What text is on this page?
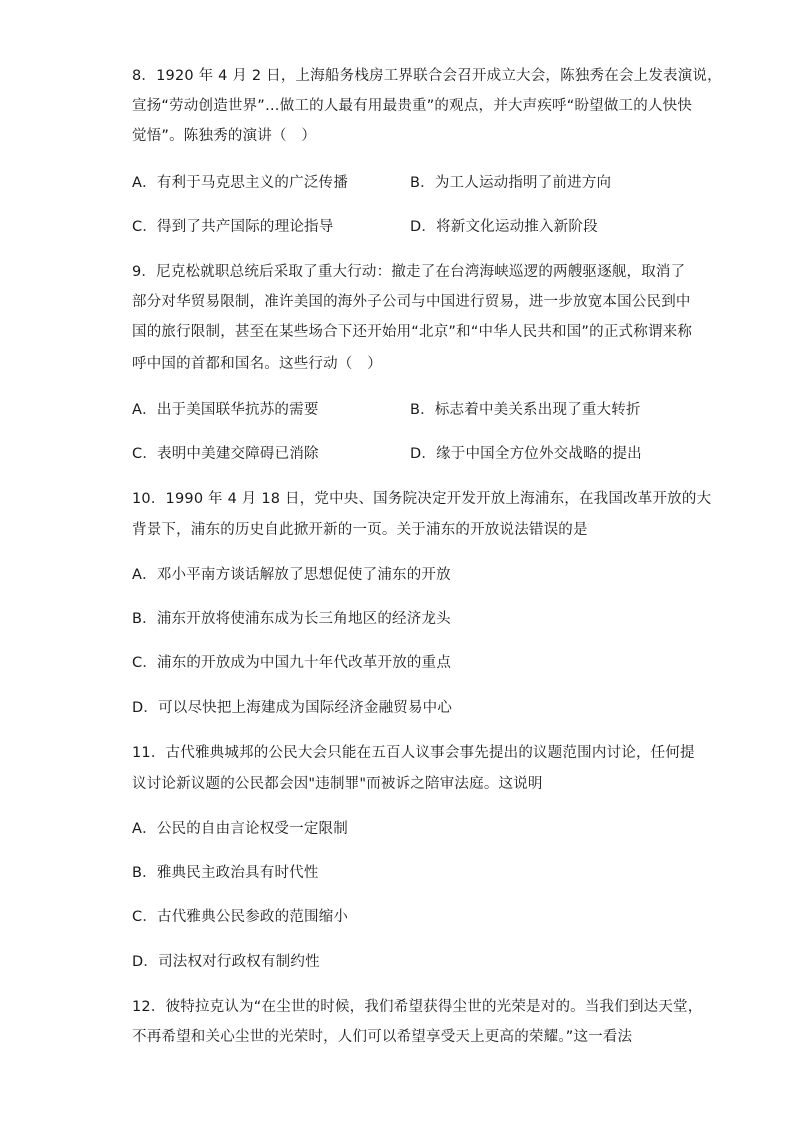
8．1920 年 4 月 2 日，上海船务栈房工界联合会召开成立大会，陈独秀在会上发表演说，
宣扬“劳动创造世界”…做工的人最有用最贵重”的观点，并大声疾呼“盼望做工的人快快
觉悟”。陈独秀的演讲（　）
A．有利于马克思主义的广泛传播	B．为工人运动指明了前进方向
C．得到了共产国际的理论指导	D．将新文化运动推入新阶段
9．尼克松就职总统后采取了重大行动：撤走了在台湾海峡巡逻的两艘驱逐舰，取消了
部分对华贸易限制，准许美国的海外子公司与中国进行贸易，进一步放宽本国公民到中
国的旅行限制，甚至在某些场合下还开始用“北京”和“中华人民共和国”的正式称谓来称
呼中国的首都和国名。这些行动（　）
A．出于美国联华抗苏的需要	B．标志着中美关系出现了重大转折
C．表明中美建交障碍已消除	D．缘于中国全方位外交战略的提出
10．1990 年 4 月 18 日，党中央、国务院决定开发开放上海浦东，在我国改革开放的大
背景下，浦东的历史自此掀开新的一页。关于浦东的开放说法错误的是
A．邓小平南方谈话解放了思想促使了浦东的开放
B．浦东开放将使浦东成为长三角地区的经济龙头
C．浦东的开放成为中国九十年代改革开放的重点
D．可以尽快把上海建成为国际经济金融贸易中心
11．古代雅典城邦的公民大会只能在五百人议事会事先提出的议题范围内讨论，任何提
议讨论新议题的公民都会因"违制罪"而被诉之陪审法庭。这说明
A．公民的自由言论权受一定限制
B．雅典民主政治具有时代性
C．古代雅典公民参政的范围缩小
D．司法权对行政权有制约性
12．彼特拉克认为“在尘世的时候，我们希望获得尘世的光荣是对的。当我们到达天堂，
不再希望和关心尘世的光荣时，人们可以希望享受天上更高的荣耀。”这一看法
